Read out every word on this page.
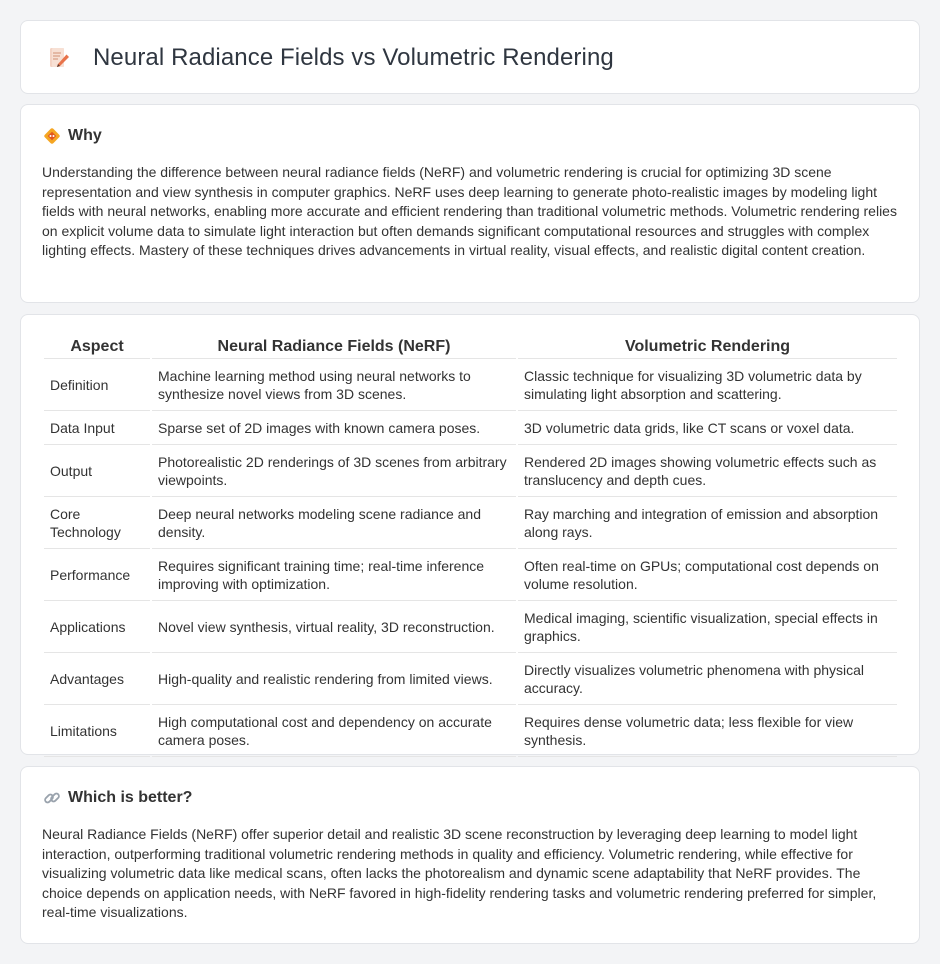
Neural Radiance Fields vs Volumetric Rendering
Why

Understanding the difference between neural radiance fields (NeRF) and volumetric rendering is crucial for optimizing 3D scene representation and view synthesis in computer graphics. NeRF uses deep learning to generate photo-realistic images by modeling light fields with neural networks, enabling more accurate and efficient rendering than traditional volumetric methods. Volumetric rendering relies on explicit volume data to simulate light interaction but often demands significant computational resources and struggles with complex lighting effects. Mastery of these techniques drives advancements in virtual reality, visual effects, and realistic digital content creation.

Aspect	Neural Radiance Fields (NeRF)	Volumetric Rendering
Definition	Machine learning method using neural networks to synthesize novel views from 3D scenes.	Classic technique for visualizing 3D volumetric data by simulating light absorption and scattering.
Data Input	Sparse set of 2D images with known camera poses.	3D volumetric data grids, like CT scans or voxel data.
Output	Photorealistic 2D renderings of 3D scenes from arbitrary viewpoints.	Rendered 2D images showing volumetric effects such as translucency and depth cues.
Core Technology	Deep neural networks modeling scene radiance and density.	Ray marching and integration of emission and absorption along rays.
Performance	Requires significant training time; real-time inference improving with optimization.	Often real-time on GPUs; computational cost depends on volume resolution.
Applications	Novel view synthesis, virtual reality, 3D reconstruction.	Medical imaging, scientific visualization, special effects in graphics.
Advantages	High-quality and realistic rendering from limited views.	Directly visualizes volumetric phenomena with physical accuracy.
Limitations	High computational cost and dependency on accurate camera poses.	Requires dense volumetric data; less flexible for view synthesis.
Which is better?

Neural Radiance Fields (NeRF) offer superior detail and realistic 3D scene reconstruction by leveraging deep learning to model light interaction, outperforming traditional volumetric rendering methods in quality and efficiency. Volumetric rendering, while effective for visualizing volumetric data like medical scans, often lacks the photorealism and dynamic scene adaptability that NeRF provides. The choice depends on application needs, with NeRF favored in high-fidelity rendering tasks and volumetric rendering preferred for simpler, real-time visualizations.
